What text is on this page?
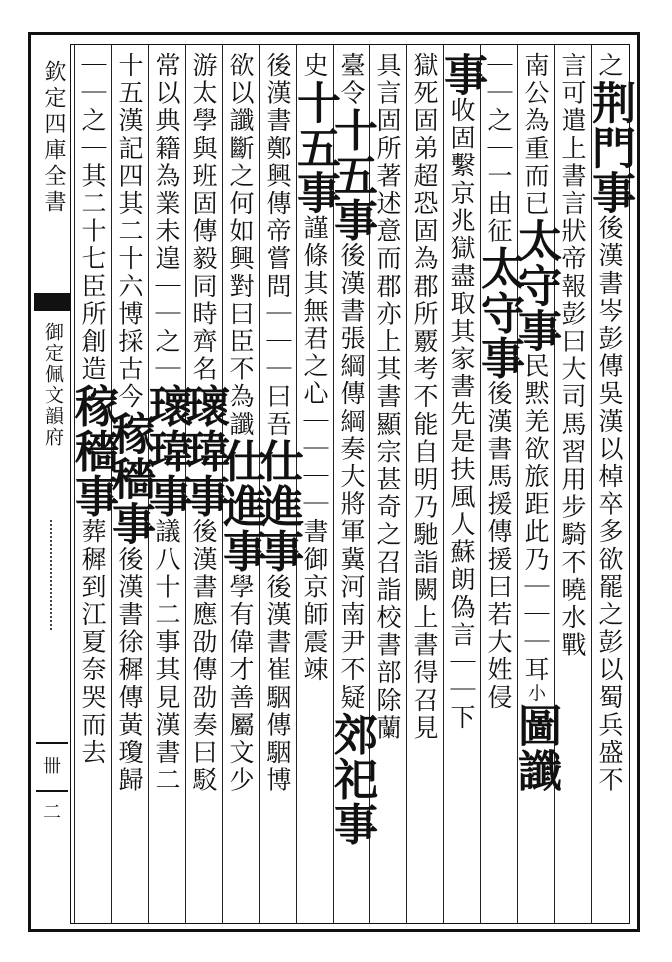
欽定四庫全書
御定佩文韻府
卌二
之荆門事後漢書岑彭傳吳漢以棹卒多欲罷之彭以蜀兵盛不
言可遣上書言狀帝報彭曰大司馬習用步騎不曉水戰
南公為重而已太守事民黙羌欲旅距此乃｜｜｜耳小圖讖
｜｜之｜一由征太守事後漢書馬援傳援曰若大姓侵
事收固繫京兆獄盡取其家書先是扶風人蘇朗偽言｜｜下
獄死固弟超恐固為郡所覈考不能自明乃馳詣闕上書得召見
具言固所著述意而郡亦上其書顯宗甚奇之召詣校書部除蘭
臺令十五事後漢書張綱傳綱奏大將軍冀河南尹不疑郊祀事
史十五事謹條其無君之心｜｜｜｜書御京師震竦
後漢書鄭興傳帝嘗問｜｜｜曰吾仕進事後漢書崔駰傳駰博
欲以讖斷之何如興對曰臣不為讖仕進事學有偉才善屬文少
游太學與班固傳毅同時齊名瓌瑋事後漢書應劭傳劭奏曰駁
常以典籍為業未遑｜｜之｜瓌瑋事議八十二事其見漢書二
十五漢記四其二十六博採古今稼穡事後漢書徐穉傳黃瓊歸
｜｜之｜其二十七臣所創造稼穡事葬穉到江夏奈哭而去
